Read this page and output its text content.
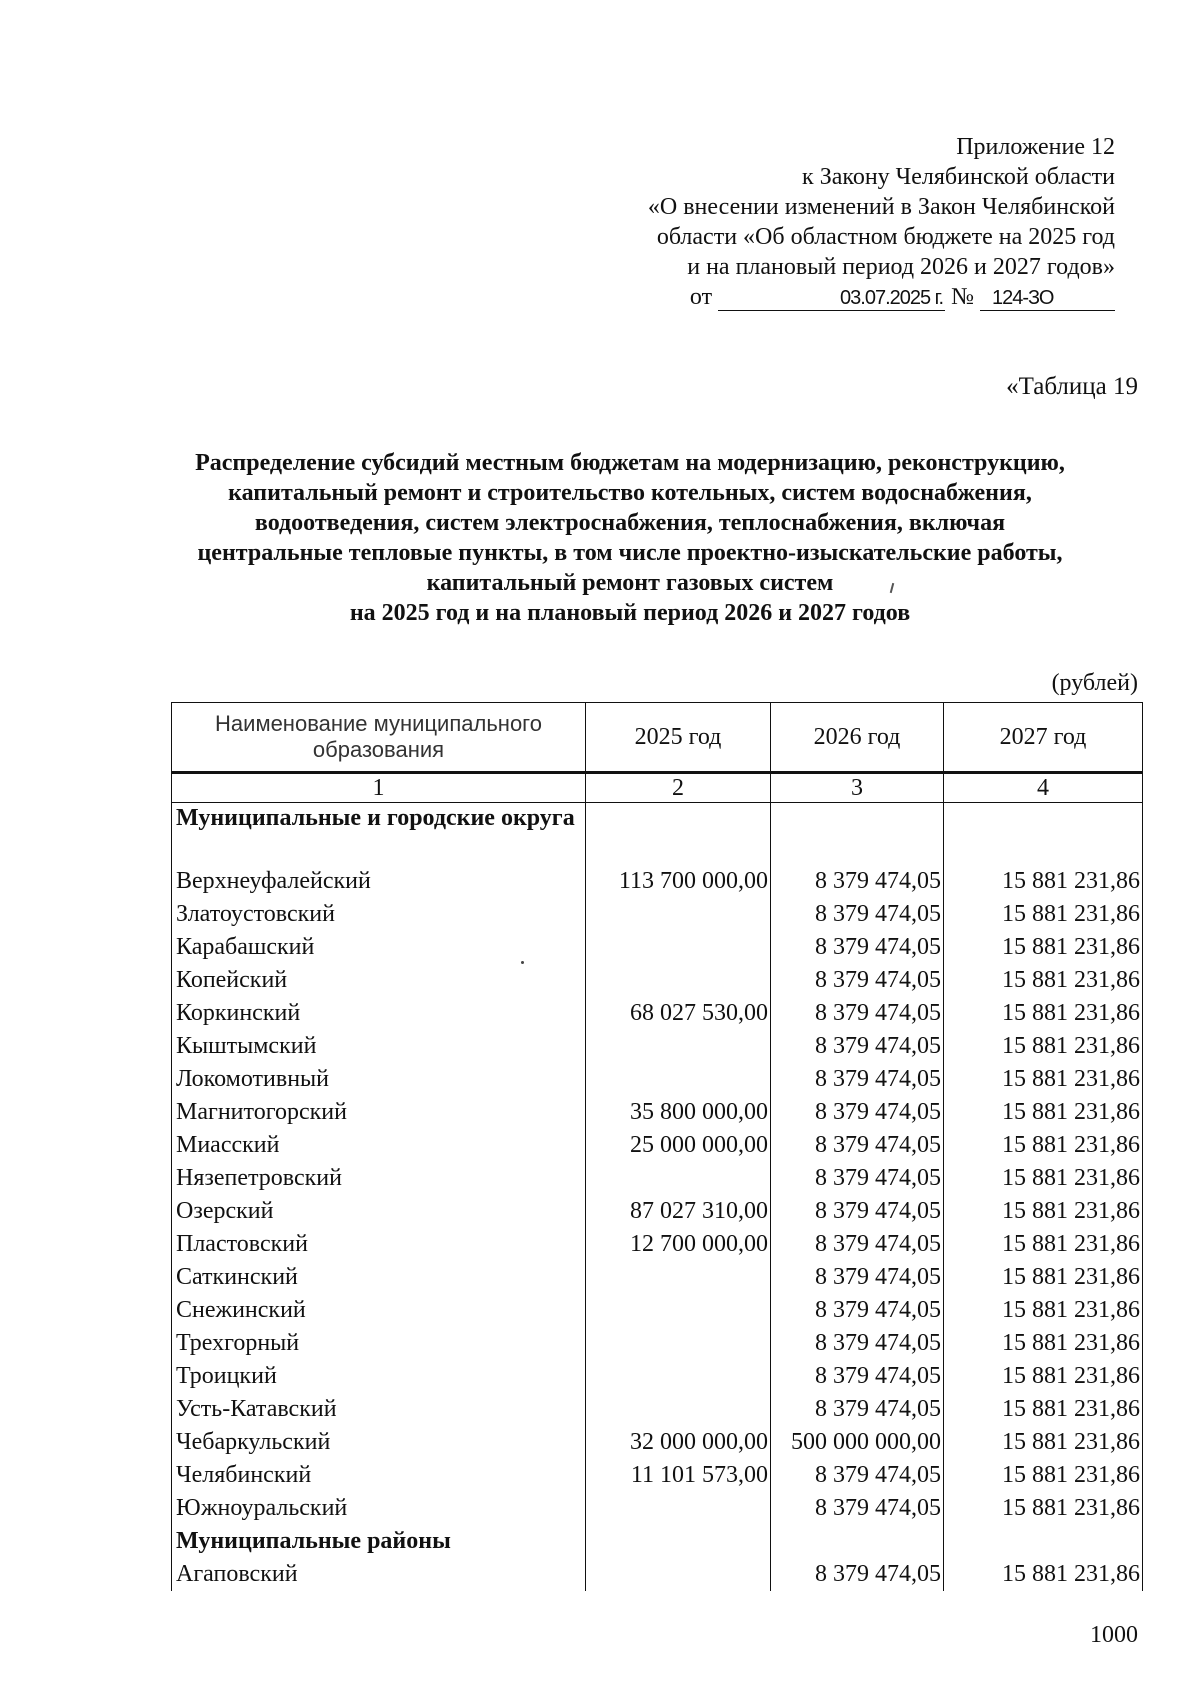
Приложение 12
к Закону Челябинской области
«О внесении изменений в Закон Челябинской
области «Об областном бюджете на 2025 год
и на плановый период 2026 и 2027 годов»
от	03.07.2025 г. № 124-ЗО
«Таблица 19
Распределение субсидий местным бюджетам на модернизацию, реконструкцию,
капитальный ремонт и строительство котельных, систем водоснабжения,
водоотведения, систем электроснабжения, теплоснабжения, включая
центральные тепловые пункты, в том числе проектно-изыскательские работы,
капитальный ремонт газовых систем
на 2025 год и на плановый период 2026 и 2027 годов
(рублей)
Наименование муниципального образования	2025 год	2026 год	2027 год
1	2	3	4
Муниципальные и городские округа			
Верхнеуфалейский	113 700 000,00	8 379 474,05	15 881 231,86
Златоустовский		8 379 474,05	15 881 231,86
Карабашский		8 379 474,05	15 881 231,86
Копейский		8 379 474,05	15 881 231,86
Коркинский	68 027 530,00	8 379 474,05	15 881 231,86
Кыштымский		8 379 474,05	15 881 231,86
Локомотивный		8 379 474,05	15 881 231,86
Магнитогорский	35 800 000,00	8 379 474,05	15 881 231,86
Миасский	25 000 000,00	8 379 474,05	15 881 231,86
Нязепетровский		8 379 474,05	15 881 231,86
Озерский	87 027 310,00	8 379 474,05	15 881 231,86
Пластовский	12 700 000,00	8 379 474,05	15 881 231,86
Саткинский		8 379 474,05	15 881 231,86
Снежинский		8 379 474,05	15 881 231,86
Трехгорный		8 379 474,05	15 881 231,86
Троицкий		8 379 474,05	15 881 231,86
Усть-Катавский		8 379 474,05	15 881 231,86
Чебаркульский	32 000 000,00	500 000 000,00	15 881 231,86
Челябинский	11 101 573,00	8 379 474,05	15 881 231,86
Южноуральский		8 379 474,05	15 881 231,86
Муниципальные районы			
Агаповский		8 379 474,05	15 881 231,86
1000
